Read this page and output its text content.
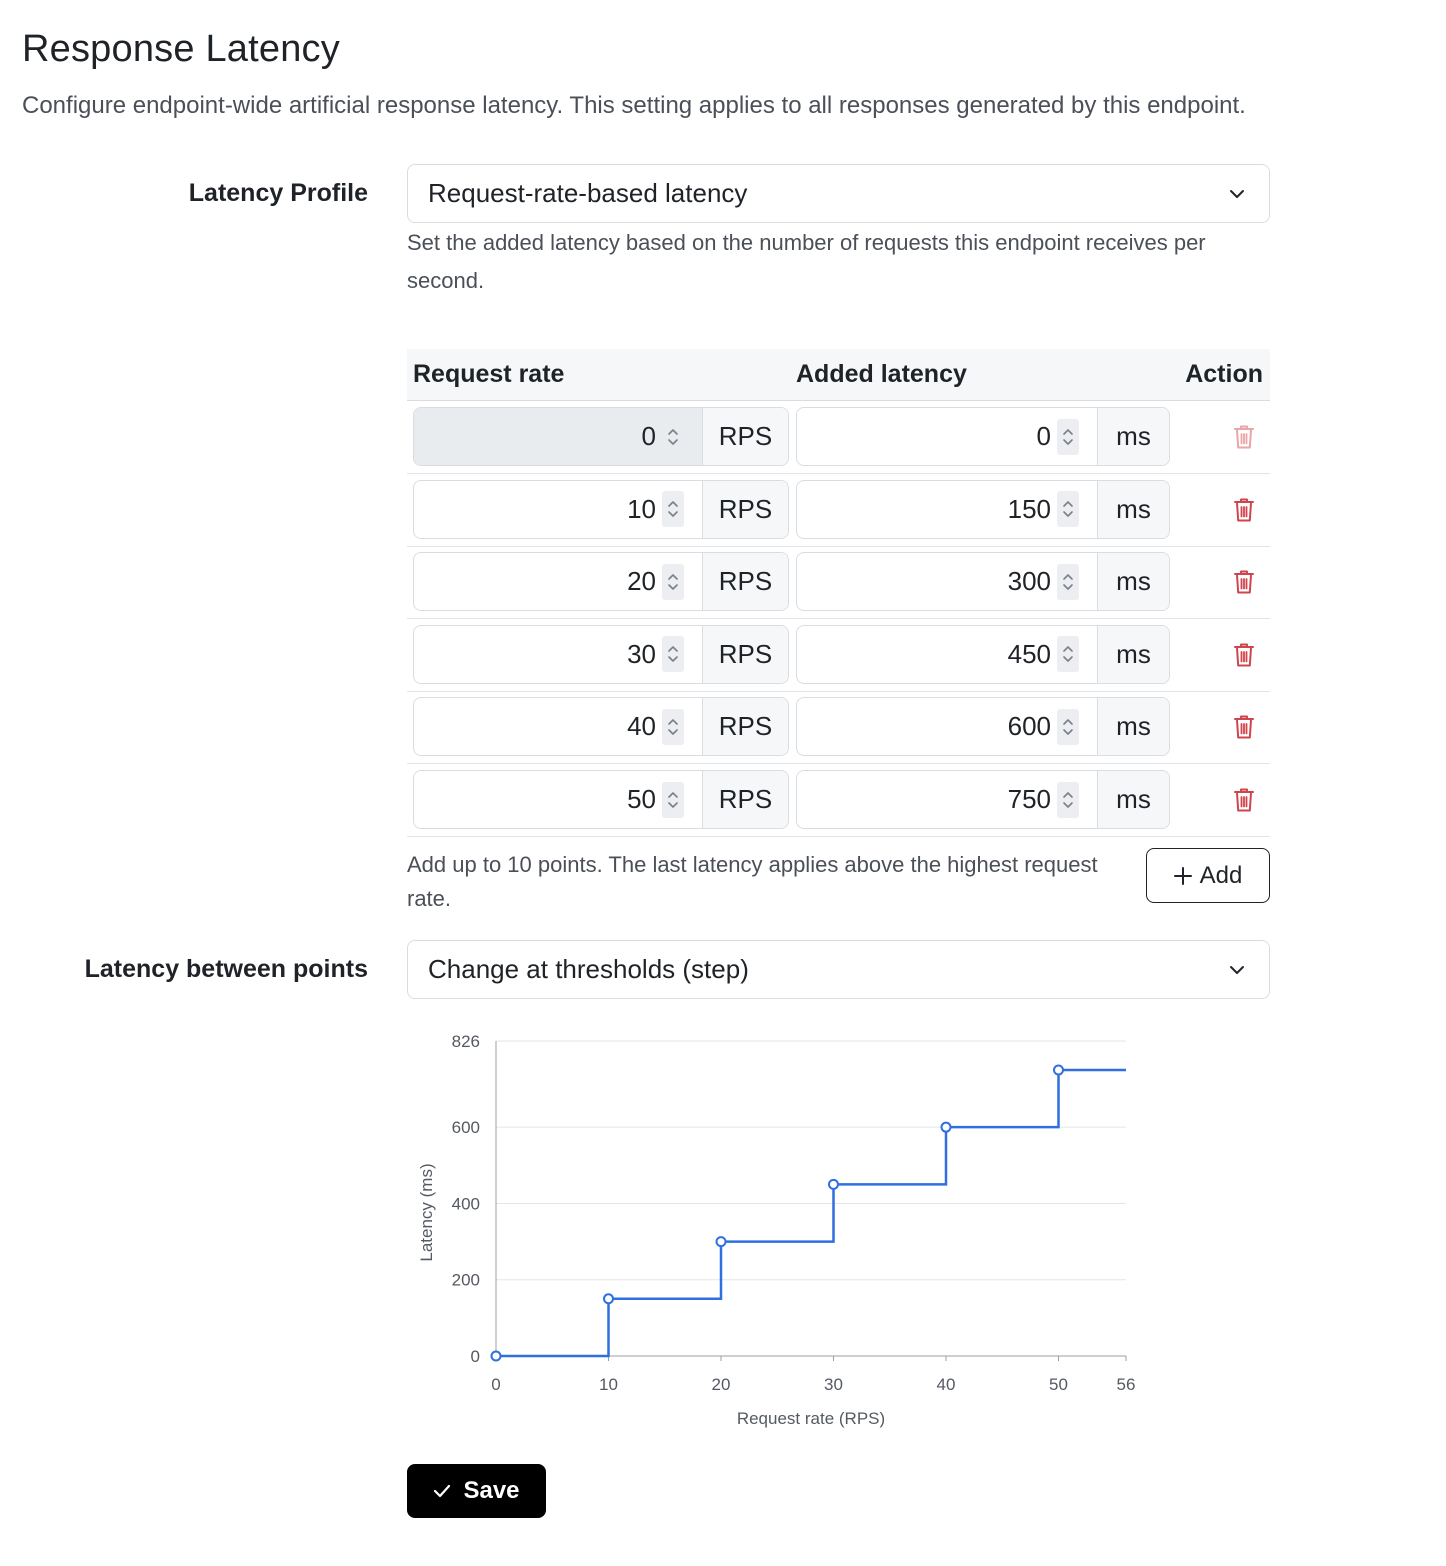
Response Latency
Configure endpoint-wide artificial response latency. This setting applies to all responses generated by this endpoint.
Latency Profile Request-rate-based latency
Set the added latency based on the number of requests this endpoint receives per second.
Request rate	Added latency	Action
0	RPS	0	ms
10	RPS	150	ms
20	RPS	300	ms
30	RPS	450	ms
40	RPS	600	ms
50	RPS	750	ms
Add up to 10 points. The last latency applies above the highest request rate.
Add
Latency between points Change at thresholds (step)
0
200
400
600
826
0	10	20	30	40	50	56
Request rate (RPS)
Latency (ms)
Save
